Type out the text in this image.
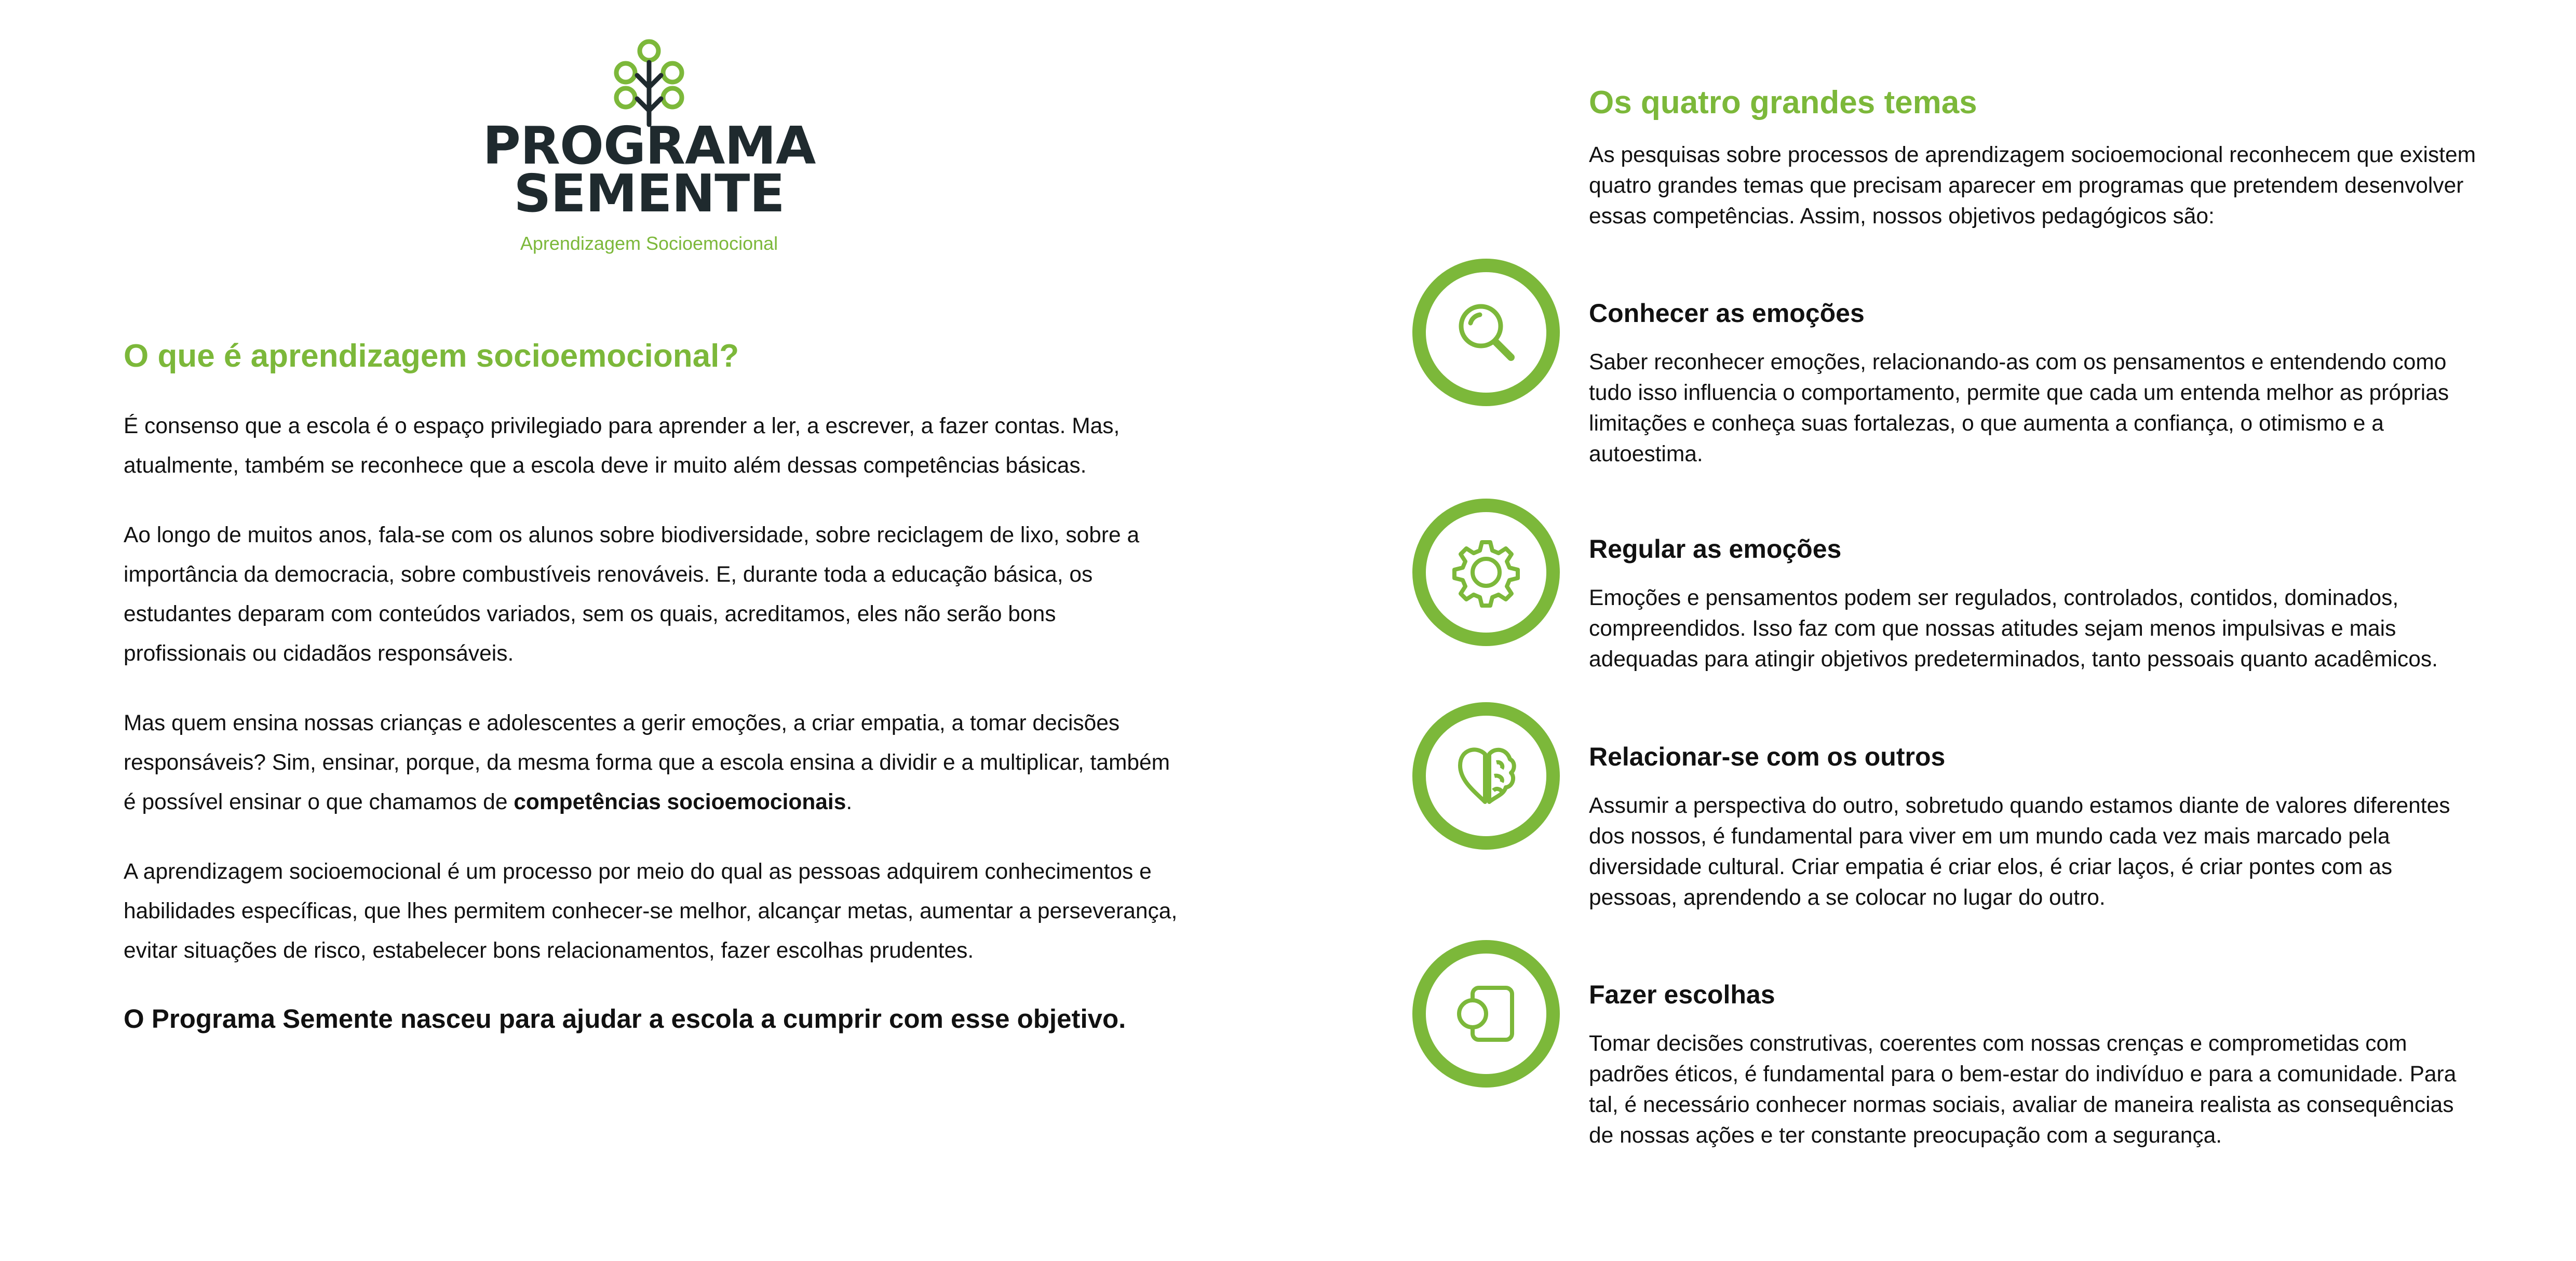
PROGRAMA
SEMENTE
Aprendizagem Socioemocional
O que é aprendizagem socioemocional?

É consenso que a escola é o espaço privilegiado para aprender a ler, a escrever, a fazer contas. Mas, atualmente, também se reconhece que a escola deve ir muito além dessas competências básicas.

Ao longo de muitos anos, fala-se com os alunos sobre biodiversidade, sobre reciclagem de lixo, sobre a importância da democracia, sobre combustíveis renováveis. E, durante toda a educação básica, os estudantes deparam com conteúdos variados, sem os quais, acreditamos, eles não serão bons profissionais ou cidadãos responsáveis.

Mas quem ensina nossas crianças e adolescentes a gerir emoções, a criar empatia, a tomar decisões responsáveis? Sim, ensinar, porque, da mesma forma que a escola ensina a dividir e a multiplicar, também é possível ensinar o que chamamos de competências socioemocionais.

A aprendizagem socioemocional é um processo por meio do qual as pessoas adquirem conhecimentos e habilidades específicas, que lhes permitem conhecer-se melhor, alcançar metas, aumentar a perseverança, evitar situações de risco, estabelecer bons relacionamentos, fazer escolhas prudentes.

O Programa Semente nasceu para ajudar a escola a cumprir com esse objetivo.

Os quatro grandes temas

As pesquisas sobre processos de aprendizagem socioemocional reconhecem que existem quatro grandes temas que precisam aparecer em programas que pretendem desenvolver essas competências. Assim, nossos objetivos pedagógicos são:

Conhecer as emoções

Saber reconhecer emoções, relacionando-as com os pensamentos e entendendo como tudo isso influencia o comportamento, permite que cada um entenda melhor as próprias limitações e conheça suas fortalezas, o que aumenta a confiança, o otimismo e a autoestima.

Regular as emoções

Emoções e pensamentos podem ser regulados, controlados, contidos, dominados, compreendidos. Isso faz com que nossas atitudes sejam menos impulsivas e mais adequadas para atingir objetivos predeterminados, tanto pessoais quanto acadêmicos.

Relacionar-se com os outros

Assumir a perspectiva do outro, sobretudo quando estamos diante de valores diferentes dos nossos, é fundamental para viver em um mundo cada vez mais marcado pela diversidade cultural. Criar empatia é criar elos, é criar laços, é criar pontes com as pessoas, aprendendo a se colocar no lugar do outro.

Fazer escolhas

Tomar decisões construtivas, coerentes com nossas crenças e comprometidas com padrões éticos, é fundamental para o bem-estar do indivíduo e para a comunidade. Para tal, é necessário conhecer normas sociais, avaliar de maneira realista as consequências de nossas ações e ter constante preocupação com a segurança.
